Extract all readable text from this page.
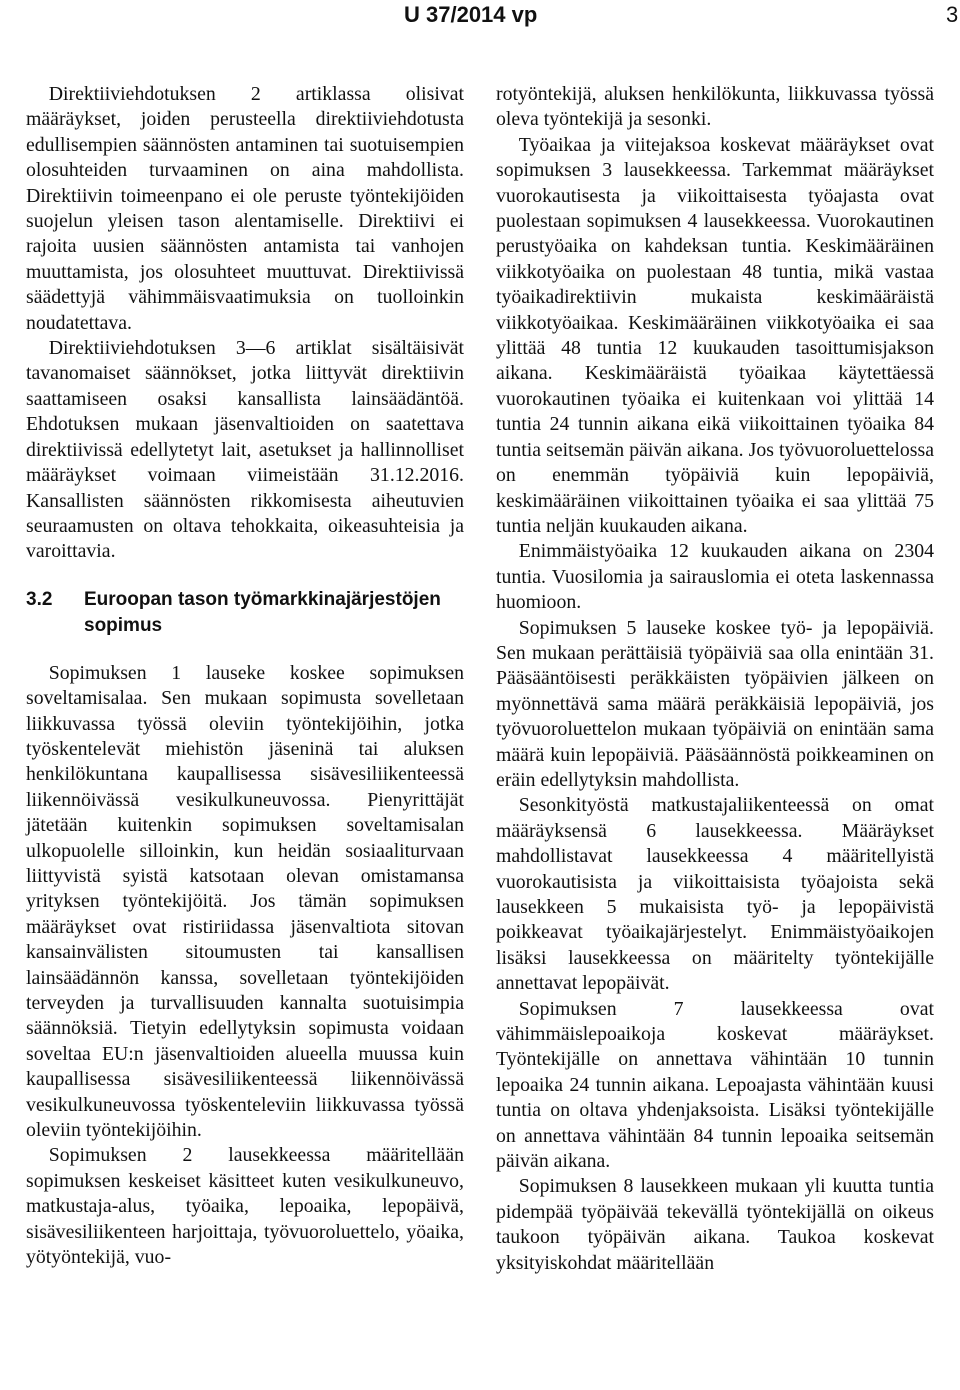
U 37/2014 vp	3

Direktiiviehdotuksen 2 artiklassa olisivat määräykset, joiden perusteella direktiiviehdotusta edullisempien säännösten antaminen tai suotuisempien olosuhteiden turvaaminen on aina mahdollista. Direktiivin toimeenpano ei ole peruste työntekijöiden suojelun yleisen tason alentamiselle. Direktiivi ei rajoita uusien säännösten antamista tai vanhojen muuttamista, jos olosuhteet muuttuvat. Direktiivissä säädettyjä vähimmäisvaatimuksia on tuolloinkin noudatettava.

Direktiiviehdotuksen 3—6 artiklat sisältäisivät tavanomaiset säännökset, jotka liittyvät direktiivin saattamiseen osaksi kansallista lainsäädäntöä. Ehdotuksen mukaan jäsenvaltioiden on saatettava direktiivissä edellytetyt lait, asetukset ja hallinnolliset määräykset voimaan viimeistään 31.12.2016. Kansallisten säännösten rikkomisesta aiheutuvien seuraamusten on oltava tehokkaita, oikeasuhteisia ja varoittavia.

3.2	Euroopan tason työmarkkinajärjestöjen sopimus

Sopimuksen 1 lauseke koskee sopimuksen soveltamisalaa. Sen mukaan sopimusta sovelletaan liikkuvassa työssä oleviin työntekijöihin, jotka työskentelevät miehistön jäseninä tai aluksen henkilökuntana kaupallisessa sisävesiliikenteessä liikennöivässä vesikulkuneuvossa. Pienyrittäjät jätetään kuitenkin sopimuksen soveltamisalan ulkopuolelle silloinkin, kun heidän sosiaaliturvaan liittyvistä syistä katsotaan olevan omistamansa yrityksen työntekijöitä. Jos tämän sopimuksen määräykset ovat ristiriidassa jäsenvaltiota sitovan kansainvälisten sitoumusten tai kansallisen lainsäädännön kanssa, sovelletaan työntekijöiden terveyden ja turvallisuuden kannalta suotuisimpia säännöksiä. Tietyin edellytyksin sopimusta voidaan soveltaa EU:n jäsenvaltioiden alueella muussa kuin kaupallisessa sisävesiliikenteessä liikennöivässä vesikulkuneuvossa työskenteleviin liikkuvassa työssä oleviin työntekijöihin.

Sopimuksen 2 lausekkeessa määritellään sopimuksen keskeiset käsitteet kuten vesikulkuneuvo, matkustaja-alus, työaika, lepoaika, lepopäivä, sisävesiliikenteen harjoittaja, työvuoroluettelo, yöaika, yötyöntekijä, vuo-

rotyöntekijä, aluksen henkilökunta, liikkuvassa työssä oleva työntekijä ja sesonki.

Työaikaa ja viitejaksoa koskevat määräykset ovat sopimuksen 3 lausekkeessa. Tarkemmat määräykset vuorokautisesta ja viikoittaisesta työajasta ovat puolestaan sopimuksen 4 lausekkeessa. Vuorokautinen perustyöaika on kahdeksan tuntia. Keskimääräinen viikkotyöaika on puolestaan 48 tuntia, mikä vastaa työaikadirektiivin mukaista keskimääräistä viikkotyöaikaa. Keskimääräinen viikkotyöaika ei saa ylittää 48 tuntia 12 kuukauden tasoittumisjakson aikana. Keskimääräistä työaikaa käytettäessä vuorokautinen työaika ei kuitenkaan voi ylittää 14 tuntia 24 tunnin aikana eikä viikoittainen työaika 84 tuntia seitsemän päivän aikana. Jos työvuoroluettelossa on enemmän työpäiviä kuin lepopäiviä, keskimääräinen viikoittainen työaika ei saa ylittää 75 tuntia neljän kuukauden aikana.

Enimmäistyöaika 12 kuukauden aikana on 2304 tuntia. Vuosilomia ja sairauslomia ei oteta laskennassa huomioon.

Sopimuksen 5 lauseke koskee työ- ja lepopäiviä. Sen mukaan perättäisiä työpäiviä saa olla enintään 31. Pääsääntöisesti peräkkäisten työpäivien jälkeen on myönnettävä sama määrä peräkkäisiä lepopäiviä, jos työvuoroluettelon mukaan työpäiviä on enintään sama määrä kuin lepopäiviä. Pääsäännöstä poikkeaminen on eräin edellytyksin mahdollista.

Sesonkityöstä matkustajaliikenteessä on omat määräyksensä 6 lausekkeessa. Määräykset mahdollistavat lausekkeessa 4 määritellyistä vuorokautisista ja viikoittaisista työajoista sekä lausekkeen 5 mukaisista työ- ja lepopäivistä poikkeavat työaikajärjestelyt. Enimmäistyöaikojen lisäksi lausekkeessa on määritelty työntekijälle annettavat lepopäivät.

Sopimuksen 7 lausekkeessa ovat vähimmäislepoaikoja koskevat määräykset. Työntekijälle on annettava vähintään 10 tunnin lepoaika 24 tunnin aikana. Lepoajasta vähintään kuusi tuntia on oltava yhdenjaksoista. Lisäksi työntekijälle on annettava vähintään 84 tunnin lepoaika seitsemän päivän aikana.

Sopimuksen 8 lausekkeen mukaan yli kuutta tuntia pidempää työpäivää tekevällä työntekijällä on oikeus taukoon työpäivän aikana. Taukoa koskevat yksityiskohdat määritellään
